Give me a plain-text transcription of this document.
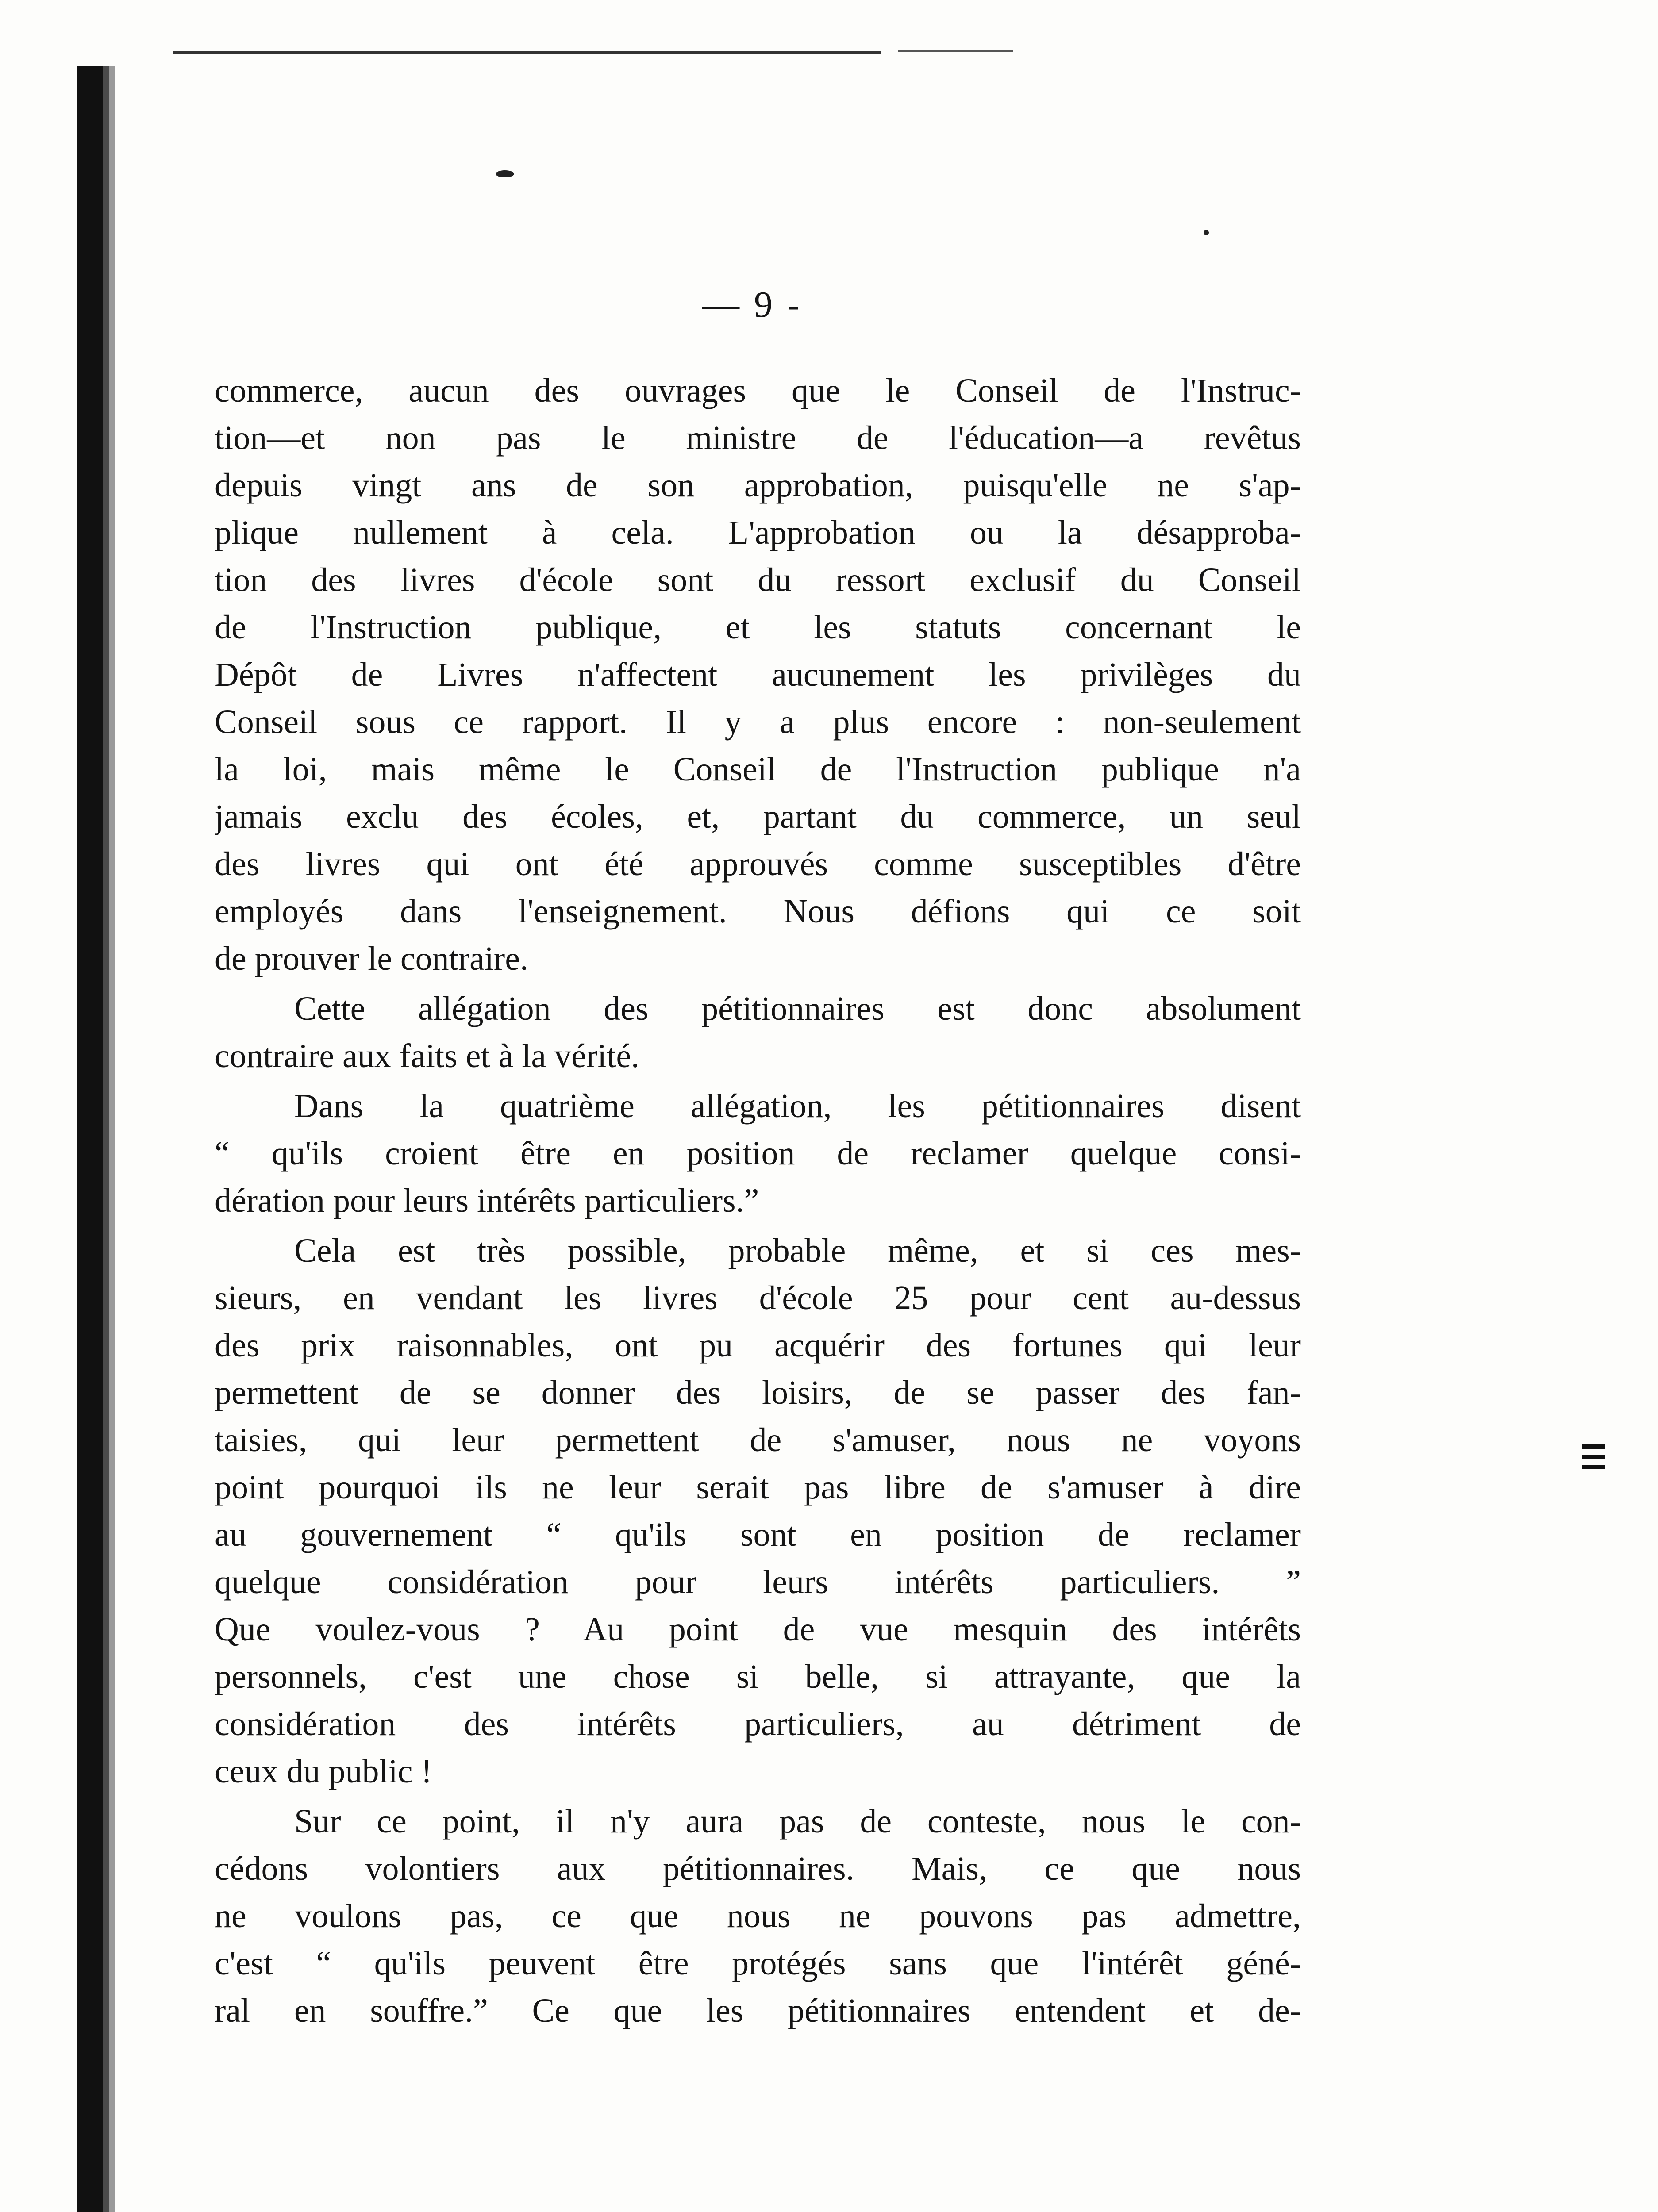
— 9 -
commerce, aucun des ouvrages que le Conseil de l'Instruc-
tion—et non pas le ministre de l'éducation—a revêtus
depuis vingt ans de son approbation, puisqu'elle ne s'ap-
plique nullement à cela. L'approbation ou la désapproba-
tion des livres d'école sont du ressort exclusif du Conseil
de l'Instruction publique, et les statuts concernant le
Dépôt de Livres n'affectent aucunement les privilèges du
Conseil sous ce rapport. Il y a plus encore : non-seulement
la loi, mais même le Conseil de l'Instruction publique n'a
jamais exclu des écoles, et, partant du commerce, un seul
des livres qui ont été approuvés comme susceptibles d'être
employés dans l'enseignement. Nous défions qui ce soit
de prouver le contraire.
Cette allégation des pétitionnaires est donc absolument
contraire aux faits et à la vérité.
Dans la quatrième allégation, les pétitionnaires disent
“ qu'ils croient être en position de reclamer quelque consi-
dération pour leurs intérêts particuliers.”
Cela est très possible, probable même, et si ces mes-
sieurs, en vendant les livres d'école 25 pour cent au-dessus
des prix raisonnables, ont pu acquérir des fortunes qui leur
permettent de se donner des loisirs, de se passer des fan-
taisies, qui leur permettent de s'amuser, nous ne voyons
point pourquoi ils ne leur serait pas libre de s'amuser à dire
au gouvernement “ qu'ils sont en position de reclamer
quelque considération pour leurs intérêts particuliers. ”
Que voulez-vous ? Au point de vue mesquin des intérêts
personnels, c'est une chose si belle, si attrayante, que la
considération des intérêts particuliers, au détriment de
ceux du public !
Sur ce point, il n'y aura pas de conteste, nous le con-
cédons volontiers aux pétitionnaires. Mais, ce que nous
ne voulons pas, ce que nous ne pouvons pas admettre,
c'est “ qu'ils peuvent être protégés sans que l'intérêt géné-
ral en souffre.” Ce que les pétitionnaires entendent et de-
